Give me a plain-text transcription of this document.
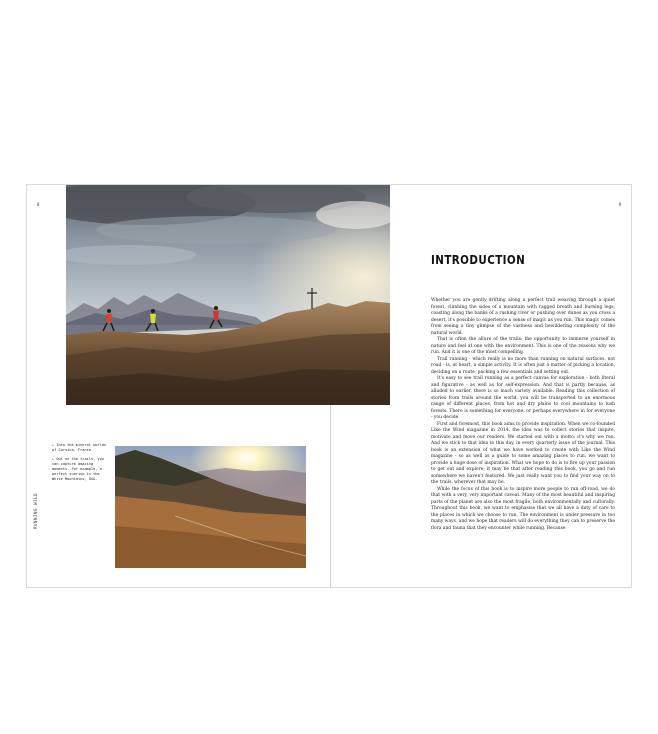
8	9

← Into the mineral worlds of Corsica, France.

← Out on the trails, you can capture amazing moments. For example, a perfect sunrise in the White Mountains, USA.

RUNNING WILD
INTRODUCTION

Whether you are gently drifting along a perfect trail weaving through a quiet forest, climbing the sides of a mountain with ragged breath and burning legs, coasting along the banks of a rushing river or pushing over dunes as you cross a desert, it's possible to experience a sense of magic as you run. This magic comes from seeing a tiny glimpse of the vastness and bewildering complexity of the natural world.

That is often the allure of the trails: the opportunity to immerse yourself in nature and feel at one with the environment. This is one of the reasons why we run. And it is one of the most compelling.

Trail running - which really is no more than running on natural surfaces, not road - is, at heart, a simple activity. It is often just a matter of picking a location, deciding on a route, packing a few essentials and setting out.

It's easy to see trail running as a perfect canvas for exploration - both literal and figurative - as well as for self-expression. And that is partly because, as alluded to earlier, there is so much variety available. Reading this collection of stories from trails around the world, you will be transported to an enormous range of different places, from hot and dry plains to cool mountains to lush forests. There is something for everyone, or perhaps everywhere in for everyone - you decide.

First and foremost, this book aims to provide inspiration. When we co-founded Like the Wind magazine in 2014, the idea was to collect stories that inspire, motivate and move our readers. We started out with a motto: it's why we run. And we stick to that idea to this day, in every quarterly issue of the journal. This book is an extension of what we have worked to create with Like the Wind magazine - so as well as a guide to some amazing places to run, we want to provide a huge dose of inspiration. What we hope to do is to fire up your passion to get out and explore; it may be that after reading this book, you go and run somewhere we haven't featured. We just really want you to find your way on to the trails, wherever that may be.

While the focus of this book is to inspire more people to run off-road, we do that with a very, very important caveat. Many of the most beautiful and inspiring parts of the planet are also the most fragile, both environmentally and culturally. Throughout this book, we want to emphasise that we all have a duty of care to the places in which we choose to run. The environment is under pressure in too many ways, and we hope that readers will do everything they can to preserve the flora and fauna that they encounter while running. Because
